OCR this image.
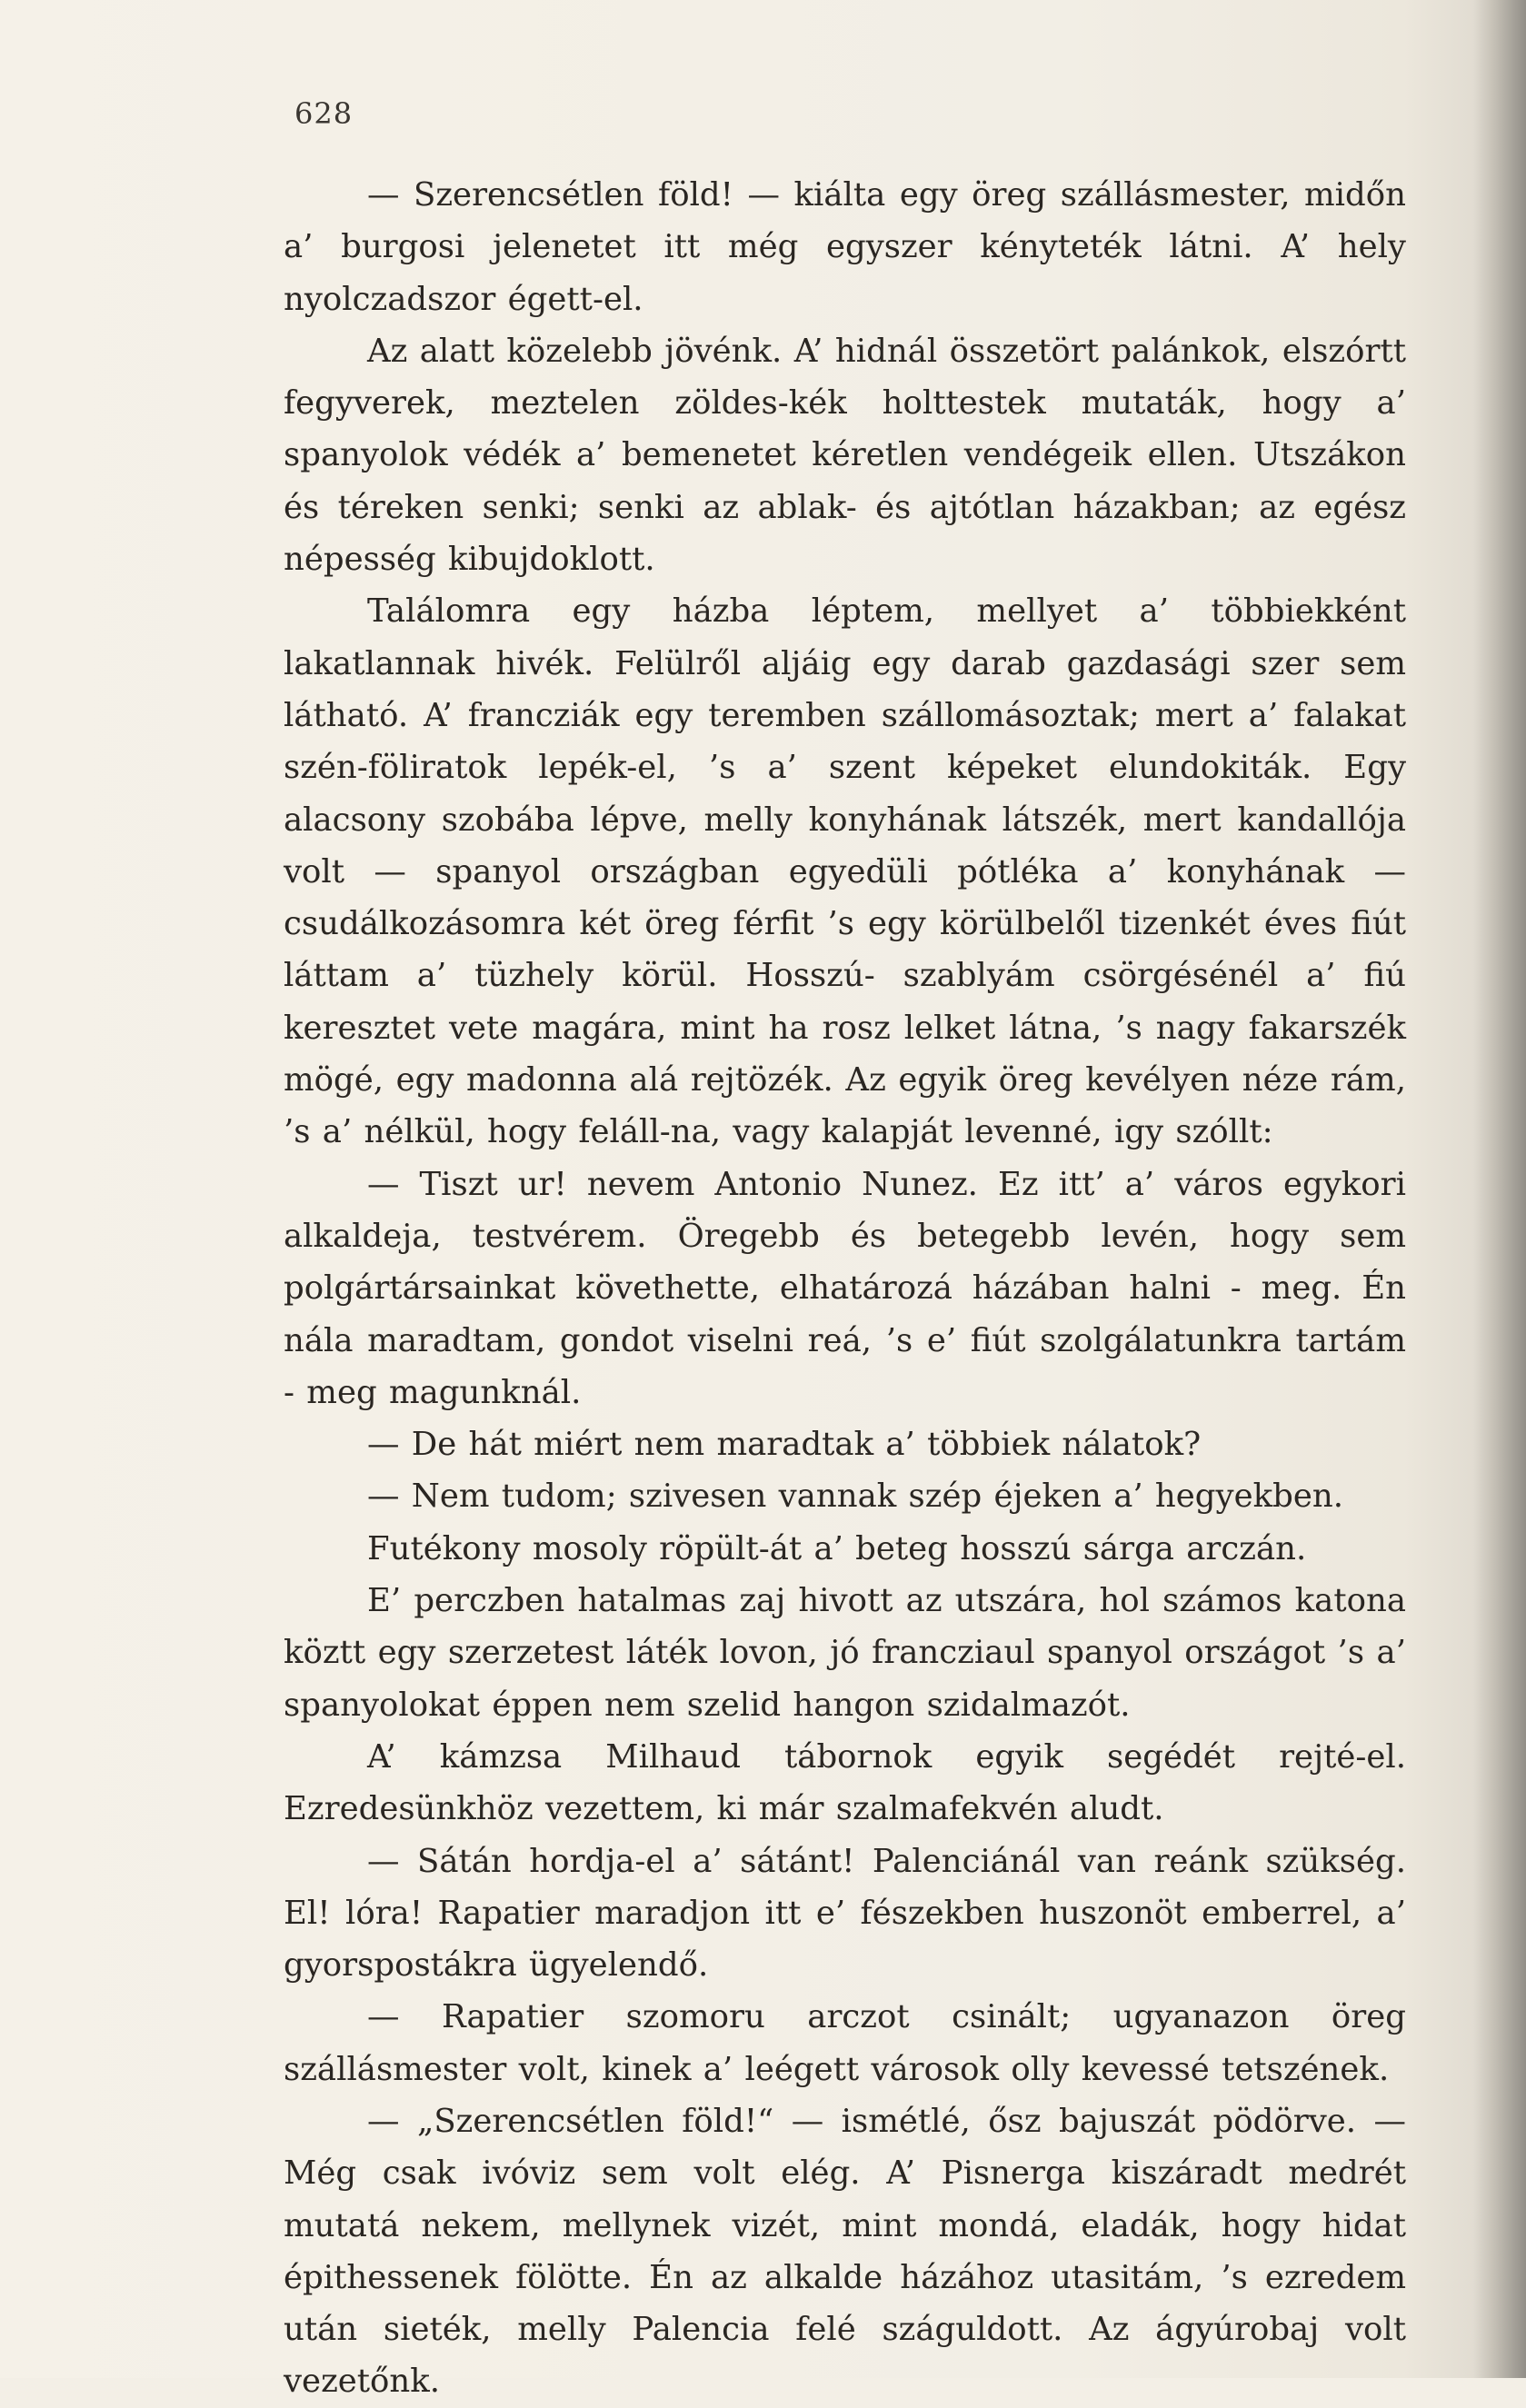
628

— Szerencsétlen föld! — kiálta egy öreg szállásmester, midőn a’ burgosi jelenetet itt még egyszer kényteték látni. A’ hely nyolczadszor égett-el.

Az alatt közelebb jövénk. A’ hidnál összetört palánkok, elszórtt fegyverek, meztelen zöldes-kék holttestek mutaták, hogy a’ spanyolok védék a’ bemenetet kéretlen vendégeik ellen. Utszákon és téreken senki; senki az ablak- és ajtótlan házakban; az egész népesség kibujdoklott.

Találomra egy házba léptem, mellyet a’ többiekként lakatlannak hivék. Felülről aljáig egy darab gazdasági szer sem látható. A’ francziák egy teremben szállomásoztak; mert a’ falakat szén-föliratok lepék-el, ’s a’ szent képeket elundokiták. Egy alacsony szobába lépve, melly konyhának látszék, mert kandallója volt — spanyol országban egyedüli pótléka a’ konyhának — csudálkozásomra két öreg férfit ’s egy körülbelől tizenkét éves fiút láttam a’ tüzhely körül. Hosszú- szablyám csörgésénél a’ fiú keresztet vete magára, mint ha rosz lelket látna, ’s nagy fakarszék mögé, egy madonna alá rejtözék. Az egyik öreg kevélyen néze rám, ’s a’ nélkül, hogy feláll-na, vagy kalapját levenné, igy szóllt:

— Tiszt ur! nevem Antonio Nunez. Ez itt’ a’ város egykori alkaldeja, testvérem. Öregebb és betegebb levén, hogy sem polgártársainkat követhette, elhatározá házában halni - meg. Én nála maradtam, gondot viselni reá, ’s e’ fiút szolgálatunkra tartám - meg magunknál.

— De hát miért nem maradtak a’ többiek nálatok?

— Nem tudom; szivesen vannak szép éjeken a’ hegyekben.

Futékony mosoly röpült-át a’ beteg hosszú sárga arczán.

E’ perczben hatalmas zaj hivott az utszára, hol számos katona köztt egy szerzetest láték lovon, jó francziaul spanyol országot ’s a’ spanyolokat éppen nem szelid hangon szidalmazót.

A’ kámzsa Milhaud tábornok egyik segédét rejté-el. Ezredesünkhöz vezettem, ki már szalmafekvén aludt.

— Sátán hordja-el a’ sátánt! Palenciánál van reánk szükség. El! lóra! Rapatier maradjon itt e’ fészekben huszonöt emberrel, a’ gyorspostákra ügyelendő.

— Rapatier szomoru arczot csinált; ugyanazon öreg szállásmester volt, kinek a’ leégett városok olly kevessé tetszének.

— „Szerencsétlen föld!“ — ismétlé, ősz bajuszát pödörve. — Még csak ivóviz sem volt elég. A’ Pisnerga kiszáradt medrét mutatá nekem, mellynek vizét, mint mondá, eladák, hogy hidat épithessenek fölötte. Én az alkalde házához utasitám, ’s ezredem után sieték, melly Palencia felé száguldott. Az ágyúrobaj volt vezetőnk.
